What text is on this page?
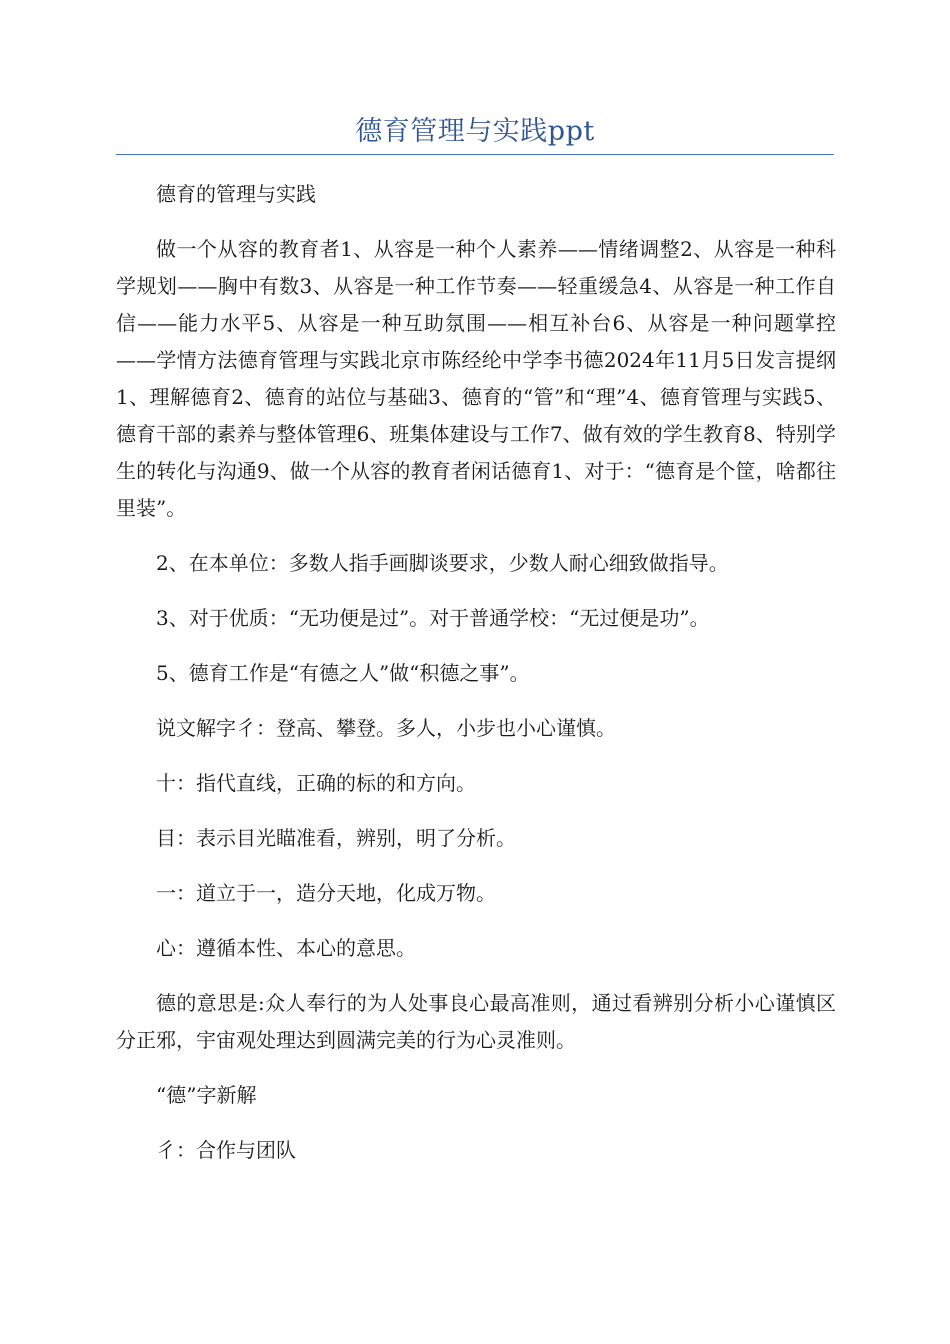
德育管理与实践ppt

德育的管理与实践

做一个从容的教育者1、从容是一种个人素养——情绪调整2、从容是一种科学规划——胸中有数3、从容是一种工作节奏——轻重缓急4、从容是一种工作自信——能力水平5、从容是一种互助氛围——相互补台6、从容是一种问题掌控——学情方法德育管理与实践北京市陈经纶中学李书德2024年11月5日发言提纲1、理解德育2、德育的站位与基础3、德育的“管”和“理”4、德育管理与实践5、德育干部的素养与整体管理6、班集体建设与工作7、做有效的学生教育8、特别学生的转化与沟通9、做一个从容的教育者闲话德育1、对于：“德育是个筐，啥都往里装”。

2、在本单位：多数人指手画脚谈要求，少数人耐心细致做指导。

3、对于优质：“无功便是过”。对于普通学校：“无过便是功”。

5、德育工作是“有德之人”做“积德之事”。

说文解字彳：登高、攀登。多人，小步也小心谨慎。

十：指代直线，正确的标的和方向。

目：表示目光瞄准看，辨别，明了分析。

一：道立于一，造分天地，化成万物。

心：遵循本性、本心的意思。

德的意思是:众人奉行的为人处事良心最高准则，通过看辨别分析小心谨慎区分正邪，宇宙观处理达到圆满完美的行为心灵准则。

“德”字新解

彳：合作与团队
